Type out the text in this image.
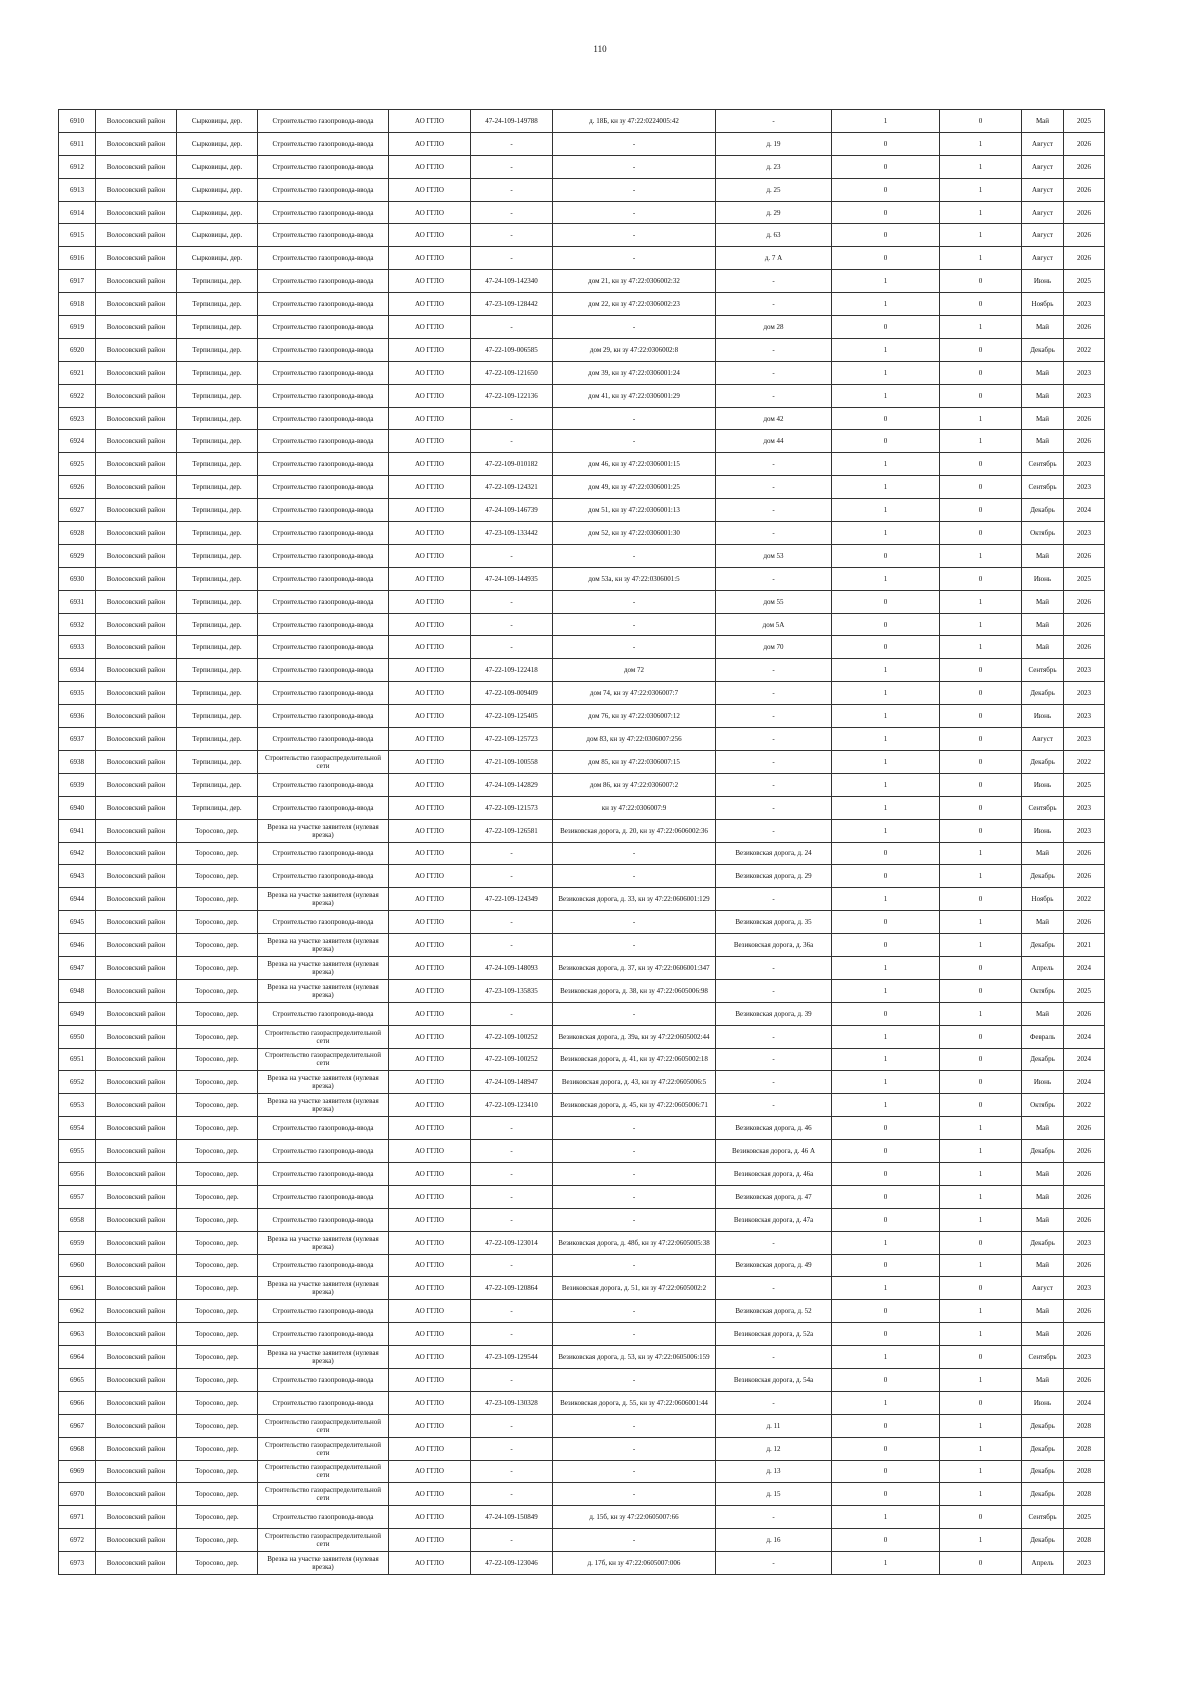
110
6910	Волосовский район	Сырковицы, дер.	Строительство газопровода-ввода	АО ГГЛО	47-24-109-149788	д. 18Б, кн зу 47:22:0224005:42	-	1	0	Май	2025
6911	Волосовский район	Сырковицы, дер.	Строительство газопровода-ввода	АО ГГЛО	-	-	д. 19	0	1	Август	2026
6912	Волосовский район	Сырковицы, дер.	Строительство газопровода-ввода	АО ГГЛО	-	-	д. 23	0	1	Август	2026
6913	Волосовский район	Сырковицы, дер.	Строительство газопровода-ввода	АО ГГЛО	-	-	д. 25	0	1	Август	2026
6914	Волосовский район	Сырковицы, дер.	Строительство газопровода-ввода	АО ГГЛО	-	-	д. 29	0	1	Август	2026
6915	Волосовский район	Сырковицы, дер.	Строительство газопровода-ввода	АО ГГЛО	-	-	д. 63	0	1	Август	2026
6916	Волосовский район	Сырковицы, дер.	Строительство газопровода-ввода	АО ГГЛО	-	-	д. 7 А	0	1	Август	2026
6917	Волосовский район	Терпилицы, дер.	Строительство газопровода-ввода	АО ГГЛО	47-24-109-142340	дом 21, кн зу 47:22:0306002:32	-	1	0	Июнь	2025
6918	Волосовский район	Терпилицы, дер.	Строительство газопровода-ввода	АО ГГЛО	47-23-109-128442	дом 22, кн зу 47:22:0306002:23	-	1	0	Ноябрь	2023
6919	Волосовский район	Терпилицы, дер.	Строительство газопровода-ввода	АО ГГЛО	-	-	дом 28	0	1	Май	2026
6920	Волосовский район	Терпилицы, дер.	Строительство газопровода-ввода	АО ГГЛО	47-22-109-006585	дом 29, кн зу 47:22:0306002:8	-	1	0	Декабрь	2022
6921	Волосовский район	Терпилицы, дер.	Строительство газопровода-ввода	АО ГГЛО	47-22-109-121650	дом 39, кн зу 47:22:0306001:24	-	1	0	Май	2023
6922	Волосовский район	Терпилицы, дер.	Строительство газопровода-ввода	АО ГГЛО	47-22-109-122136	дом 41, кн зу 47:22:0306001:29	-	1	0	Май	2023
6923	Волосовский район	Терпилицы, дер.	Строительство газопровода-ввода	АО ГГЛО	-	-	дом 42	0	1	Май	2026
6924	Волосовский район	Терпилицы, дер.	Строительство газопровода-ввода	АО ГГЛО	-	-	дом 44	0	1	Май	2026
6925	Волосовский район	Терпилицы, дер.	Строительство газопровода-ввода	АО ГГЛО	47-22-109-010182	дом 46, кн зу 47:22:0306001:15	-	1	0	Сентябрь	2023
6926	Волосовский район	Терпилицы, дер.	Строительство газопровода-ввода	АО ГГЛО	47-22-109-124321	дом 49, кн зу 47:22:0306001:25	-	1	0	Сентябрь	2023
6927	Волосовский район	Терпилицы, дер.	Строительство газопровода-ввода	АО ГГЛО	47-24-109-146739	дом 51, кн зу 47:22:0306001:13	-	1	0	Декабрь	2024
6928	Волосовский район	Терпилицы, дер.	Строительство газопровода-ввода	АО ГГЛО	47-23-109-133442	дом 52, кн зу 47:22:0306001:30	-	1	0	Октябрь	2023
6929	Волосовский район	Терпилицы, дер.	Строительство газопровода-ввода	АО ГГЛО	-	-	дом 53	0	1	Май	2026
6930	Волосовский район	Терпилицы, дер.	Строительство газопровода-ввода	АО ГГЛО	47-24-109-144935	дом 53а, кн зу 47:22:0306001:5	-	1	0	Июнь	2025
6931	Волосовский район	Терпилицы, дер.	Строительство газопровода-ввода	АО ГГЛО	-	-	дом 55	0	1	Май	2026
6932	Волосовский район	Терпилицы, дер.	Строительство газопровода-ввода	АО ГГЛО	-	-	дом 5А	0	1	Май	2026
6933	Волосовский район	Терпилицы, дер.	Строительство газопровода-ввода	АО ГГЛО	-	-	дом 70	0	1	Май	2026
6934	Волосовский район	Терпилицы, дер.	Строительство газопровода-ввода	АО ГГЛО	47-22-109-122418	дом 72	-	1	0	Сентябрь	2023
6935	Волосовский район	Терпилицы, дер.	Строительство газопровода-ввода	АО ГГЛО	47-22-109-009409	дом 74, кн зу 47:22:0306007:7	-	1	0	Декабрь	2023
6936	Волосовский район	Терпилицы, дер.	Строительство газопровода-ввода	АО ГГЛО	47-22-109-125405	дом 76, кн зу 47:22:0306007:12	-	1	0	Июнь	2023
6937	Волосовский район	Терпилицы, дер.	Строительство газопровода-ввода	АО ГГЛО	47-22-109-125723	дом 83, кн зу 47:22:0306007:256	-	1	0	Август	2023
6938	Волосовский район	Терпилицы, дер.	Строительство газораспределительной сети	АО ГГЛО	47-21-109-100558	дом 85, кн зу 47:22:0306007:15	-	1	0	Декабрь	2022
6939	Волосовский район	Терпилицы, дер.	Строительство газопровода-ввода	АО ГГЛО	47-24-109-142829	дом 86, кн зу 47:22:0306007:2	-	1	0	Июнь	2025
6940	Волосовский район	Терпилицы, дер.	Строительство газопровода-ввода	АО ГГЛО	47-22-109-121573	кн зу 47:22:0306007:9	-	1	0	Сентябрь	2023
6941	Волосовский район	Торосово, дер.	Врезка на участке заявителя (нулевая врезка)	АО ГГЛО	47-22-109-126581	Везиковская дорога, д. 20, кн зу 47:22:0606002:36	-	1	0	Июнь	2023
6942	Волосовский район	Торосово, дер.	Строительство газопровода-ввода	АО ГГЛО	-	-	Везиковская дорога, д. 24	0	1	Май	2026
6943	Волосовский район	Торосово, дер.	Строительство газопровода-ввода	АО ГГЛО	-	-	Везиковская дорога, д. 29	0	1	Декабрь	2026
6944	Волосовский район	Торосово, дер.	Врезка на участке заявителя (нулевая врезка)	АО ГГЛО	47-22-109-124349	Везиковская дорога, д. 33, кн зу 47:22:0606001:129	-	1	0	Ноябрь	2022
6945	Волосовский район	Торосово, дер.	Строительство газопровода-ввода	АО ГГЛО	-	-	Везиковская дорога, д. 35	0	1	Май	2026
6946	Волосовский район	Торосово, дер.	Врезка на участке заявителя (нулевая врезка)	АО ГГЛО	-	-	Везиковская дорога, д. 36а	0	1	Декабрь	2021
6947	Волосовский район	Торосово, дер.	Врезка на участке заявителя (нулевая врезка)	АО ГГЛО	47-24-109-148093	Везиковская дорога, д. 37, кн зу 47:22:0606001:347	-	1	0	Апрель	2024
6948	Волосовский район	Торосово, дер.	Врезка на участке заявителя (нулевая врезка)	АО ГГЛО	47-23-109-135835	Везиковская дорога, д. 38, кн зу 47:22:0605006:98	-	1	0	Октябрь	2025
6949	Волосовский район	Торосово, дер.	Строительство газопровода-ввода	АО ГГЛО	-	-	Везиковская дорога, д. 39	0	1	Май	2026
6950	Волосовский район	Торосово, дер.	Строительство газораспределительной сети	АО ГГЛО	47-22-109-100252	Везиковская дорога, д. 39а, кн зу 47:22:0605002:44	-	1	0	Февраль	2024
6951	Волосовский район	Торосово, дер.	Строительство газораспределительной сети	АО ГГЛО	47-22-109-100252	Везиковская дорога, д. 41, кн зу 47:22:0605002:18	-	1	0	Декабрь	2024
6952	Волосовский район	Торосово, дер.	Врезка на участке заявителя (нулевая врезка)	АО ГГЛО	47-24-109-148947	Везиковская дорога, д. 43, кн зу 47:22:0605006:5	-	1	0	Июнь	2024
6953	Волосовский район	Торосово, дер.	Врезка на участке заявителя (нулевая врезка)	АО ГГЛО	47-22-109-123410	Везиковская дорога, д. 45, кн зу 47:22:0605006:71	-	1	0	Октябрь	2022
6954	Волосовский район	Торосово, дер.	Строительство газопровода-ввода	АО ГГЛО	-	-	Везиковская дорога, д. 46	0	1	Май	2026
6955	Волосовский район	Торосово, дер.	Строительство газопровода-ввода	АО ГГЛО	-	-	Везиковская дорога, д. 46 А	0	1	Декабрь	2026
6956	Волосовский район	Торосово, дер.	Строительство газопровода-ввода	АО ГГЛО	-	-	Везиковская дорога, д. 46а	0	1	Май	2026
6957	Волосовский район	Торосово, дер.	Строительство газопровода-ввода	АО ГГЛО	-	-	Везиковская дорога, д. 47	0	1	Май	2026
6958	Волосовский район	Торосово, дер.	Строительство газопровода-ввода	АО ГГЛО	-	-	Везиковская дорога, д. 47а	0	1	Май	2026
6959	Волосовский район	Торосово, дер.	Врезка на участке заявителя (нулевая врезка)	АО ГГЛО	47-22-109-123014	Везиковская дорога, д. 48б, кн зу 47:22:0605005:38	-	1	0	Декабрь	2023
6960	Волосовский район	Торосово, дер.	Строительство газопровода-ввода	АО ГГЛО	-	-	Везиковская дорога, д. 49	0	1	Май	2026
6961	Волосовский район	Торосово, дер.	Врезка на участке заявителя (нулевая врезка)	АО ГГЛО	47-22-109-120864	Везиковская дорога, д. 51, кн зу 47:22:0605002:2	-	1	0	Август	2023
6962	Волосовский район	Торосово, дер.	Строительство газопровода-ввода	АО ГГЛО	-	-	Везиковская дорога, д. 52	0	1	Май	2026
6963	Волосовский район	Торосово, дер.	Строительство газопровода-ввода	АО ГГЛО	-	-	Везиковская дорога, д. 52а	0	1	Май	2026
6964	Волосовский район	Торосово, дер.	Врезка на участке заявителя (нулевая врезка)	АО ГГЛО	47-23-109-129544	Везиковская дорога, д. 53, кн зу 47:22:0605006:159	-	1	0	Сентябрь	2023
6965	Волосовский район	Торосово, дер.	Строительство газопровода-ввода	АО ГГЛО	-	-	Везиковская дорога, д. 54а	0	1	Май	2026
6966	Волосовский район	Торосово, дер.	Строительство газопровода-ввода	АО ГГЛО	47-23-109-130328	Везиковская дорога, д. 55, кн зу 47:22:0606001:44	-	1	0	Июнь	2024
6967	Волосовский район	Торосово, дер.	Строительство газораспределительной сети	АО ГГЛО	-	-	д. 11	0	1	Декабрь	2028
6968	Волосовский район	Торосово, дер.	Строительство газораспределительной сети	АО ГГЛО	-	-	д. 12	0	1	Декабрь	2028
6969	Волосовский район	Торосово, дер.	Строительство газораспределительной сети	АО ГГЛО	-	-	д. 13	0	1	Декабрь	2028
6970	Волосовский район	Торосово, дер.	Строительство газораспределительной сети	АО ГГЛО	-	-	д. 15	0	1	Декабрь	2028
6971	Волосовский район	Торосово, дер.	Строительство газопровода-ввода	АО ГГЛО	47-24-109-150849	д. 15б, кн зу 47:22:0605007:66	-	1	0	Сентябрь	2025
6972	Волосовский район	Торосово, дер.	Строительство газораспределительной сети	АО ГГЛО	-	-	д. 16	0	1	Декабрь	2028
6973	Волосовский район	Торосово, дер.	Врезка на участке заявителя (нулевая врезка)	АО ГГЛО	47-22-109-123046	д. 17б, кн зу 47:22:0605007:006	-	1	0	Апрель	2023
